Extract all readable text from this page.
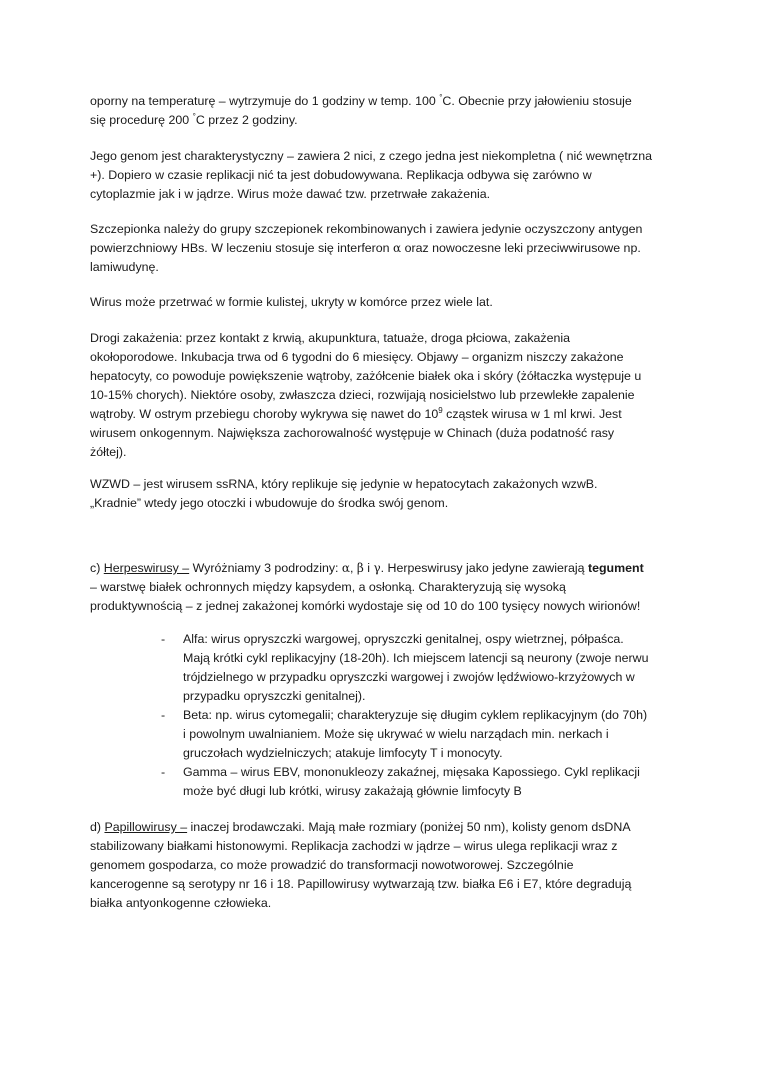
oporny na temperaturę – wytrzymuje do 1 godziny w temp. 100 °C. Obecnie przy jałowieniu stosuje
się procedurę 200 °C przez 2 godziny.
Jego genom jest charakterystyczny – zawiera 2 nici, z czego jedna jest niekompletna ( nić wewnętrzna
+). Dopiero w czasie replikacji nić ta jest dobudowywana. Replikacja odbywa się zarówno w
cytoplazmie jak i w jądrze. Wirus może dawać tzw. przetrwałe zakażenia.
Szczepionka należy do grupy szczepionek rekombinowanych i zawiera jedynie oczyszczony antygen
powierzchniowy HBs. W leczeniu stosuje się interferon α oraz nowoczesne leki przeciwwirusowe np.
lamiwudynę.
Wirus może przetrwać w formie kulistej, ukryty w komórce przez wiele lat.
Drogi zakażenia: przez kontakt z krwią, akupunktura, tatuaże, droga płciowa, zakażenia
okołoporodowe. Inkubacja trwa od 6 tygodni do 6 miesięcy. Objawy – organizm niszczy zakażone
hepatocyty, co powoduje powiększenie wątroby, zażółcenie białek oka i skóry (żółtaczka występuje u
10-15% chorych). Niektóre osoby, zwłaszcza dzieci, rozwijają nosicielstwo lub przewlekłe zapalenie
wątroby. W ostrym przebiegu choroby wykrywa się nawet do $10^9$ cząstek wirusa w 1 ml krwi. Jest
wirusem onkogennym. Największa zachorowalność występuje w Chinach (duża podatność rasy
żółtej).
WZWD – jest wirusem ssRNA, który replikuje się jedynie w hepatocytach zakażonych wzwB.
„Kradnie” wtedy jego otoczki i wbudowuje do środka swój genom.
c) Herpeswirusy – Wyróżniamy 3 podrodziny: α, β i γ. Herpeswirusy jako jedyne zawierają tegument
– warstwę białek ochronnych między kapsydem, a osłonką. Charakteryzują się wysoką
produktywnością – z jednej zakażonej komórki wydostaje się od 10 do 100 tysięcy nowych wirionów!
- Alfa: wirus opryszczki wargowej, opryszczki genitalnej, ospy wietrznej, półpaśca.
Mają krótki cykl replikacyjny (18-20h). Ich miejscem latencji są neurony (zwoje nerwu
trójdzielnego w przypadku opryszczki wargowej i zwojów lędźwiowo-krzyżowych w
przypadku opryszczki genitalnej).
- Beta: np. wirus cytomegalii; charakteryzuje się długim cyklem replikacyjnym (do 70h)
i powolnym uwalnianiem. Może się ukrywać w wielu narządach min. nerkach i
gruczołach wydzielniczych; atakuje limfocyty T i monocyty.
- Gamma – wirus EBV, mononukleozy zakaźnej, mięsaka Kapossiego. Cykl replikacji
może być długi lub krótki, wirusy zakażają głównie limfocyty B
d) Papillowirusy – inaczej brodawczaki. Mają małe rozmiary (poniżej 50 nm), kolisty genom dsDNA
stabilizowany białkami histonowymi. Replikacja zachodzi w jądrze – wirus ulega replikacji wraz z
genomem gospodarza, co może prowadzić do transformacji nowotworowej. Szczególnie
kancerogenne są serotypy nr 16 i 18. Papillowirusy wytwarzają tzw. białka E6 i E7, które degradują
białka antyonkogenne człowieka.
